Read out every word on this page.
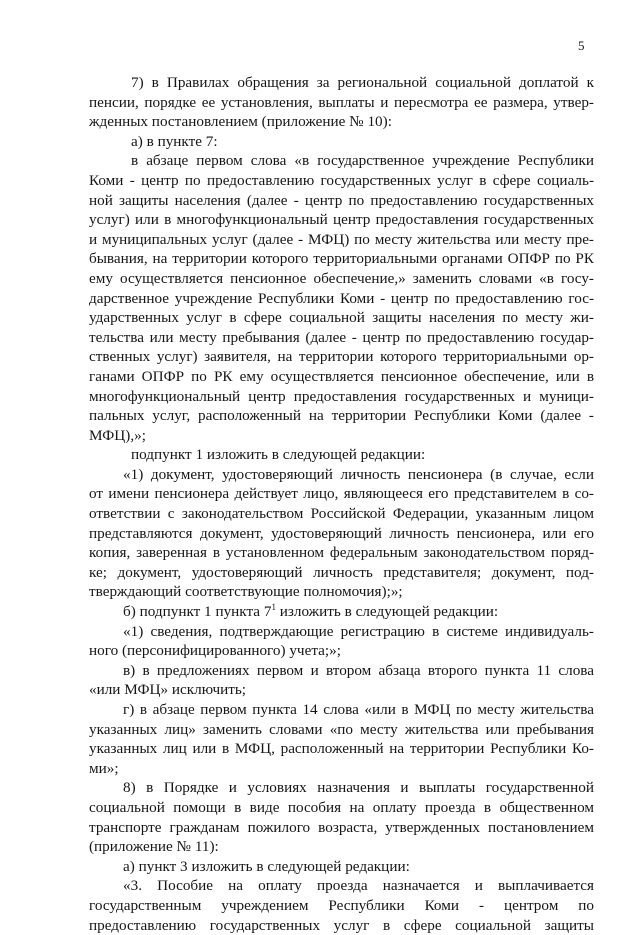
5
7) в Правилах обращения за региональной социальной доплатой к
пенсии, порядке ее установления, выплаты и пересмотра ее размера, утвер-
жденных постановлением (приложение № 10):
а) в пункте 7:
в абзаце первом слова «в государственное учреждение Республики
Коми - центр по предоставлению государственных услуг в сфере социаль-
ной защиты населения (далее - центр по предоставлению государственных
услуг) или в многофункциональный центр предоставления государственных
и муниципальных услуг (далее - МФЦ) по месту жительства или месту пре-
бывания, на территории которого территориальными органами ОПФР по РК
ему осуществляется пенсионное обеспечение,» заменить словами «в госу-
дарственное учреждение Республики Коми - центр по предоставлению гос-
ударственных услуг в сфере социальной защиты населения по месту жи-
тельства или месту пребывания (далее - центр по предоставлению государ-
ственных услуг) заявителя, на территории которого территориальными ор-
ганами ОПФР по РК ему осуществляется пенсионное обеспечение, или в
многофункциональный центр предоставления государственных и муници-
пальных услуг, расположенный на территории Республики Коми (далее -
МФЦ),»;
подпункт 1 изложить в следующей редакции:
«1) документ, удостоверяющий личность пенсионера (в случае, если
от имени пенсионера действует лицо, являющееся его представителем в со-
ответствии с законодательством Российской Федерации, указанным лицом
представляются документ, удостоверяющий личность пенсионера, или его
копия, заверенная в установленном федеральным законодательством поряд-
ке; документ, удостоверяющий личность представителя; документ, под-
тверждающий соответствующие полномочия);»;
б) подпункт 1 пункта $7^1$ изложить в следующей редакции:
«1) сведения, подтверждающие регистрацию в системе индивидуаль-
ного (персонифицированного) учета;»;
в) в предложениях первом и втором абзаца второго пункта 11 слова
«или МФЦ» исключить;
г) в абзаце первом пункта 14 слова «или в МФЦ по месту жительства
указанных лиц» заменить словами «по месту жительства или пребывания
указанных лиц или в МФЦ, расположенный на территории Республики Ко-
ми»;
8) в Порядке и условиях назначения и выплаты государственной
социальной помощи в виде пособия на оплату проезда в общественном
транспорте гражданам пожилого возраста, утвержденных постановлением
(приложение № 11):
а) пункт 3 изложить в следующей редакции:
«3. Пособие на оплату проезда назначается и выплачивается
государственным учреждением Республики Коми - центром по
предоставлению государственных услуг в сфере социальной защиты
